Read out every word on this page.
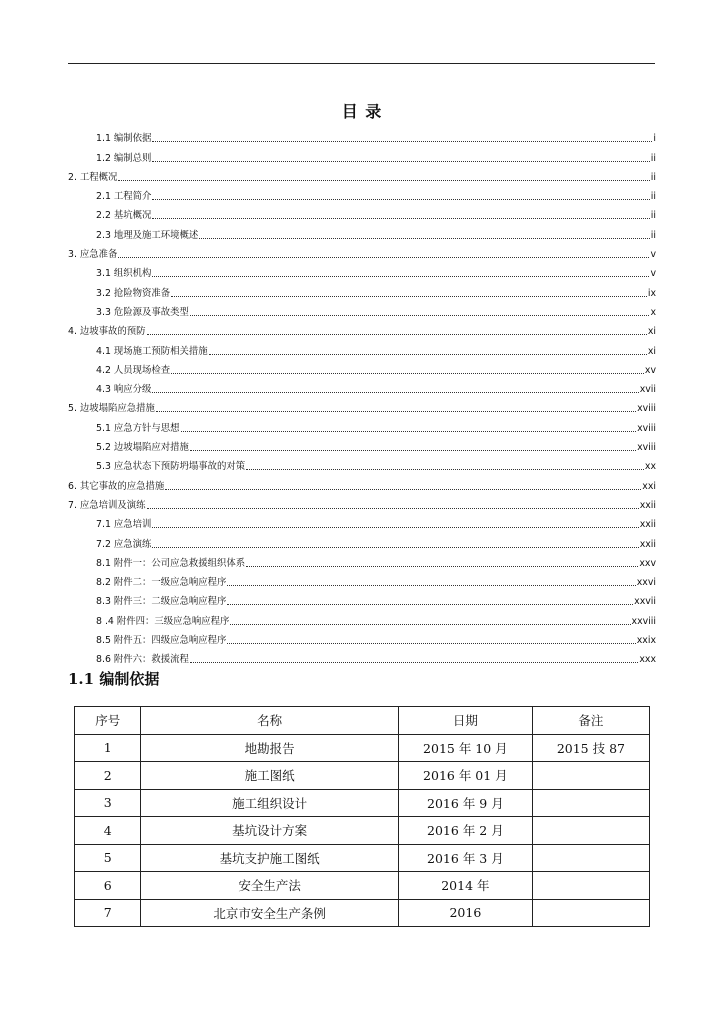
目 录
1.1 编制依据	i
1.2 编制总则	ii
2. 工程概况	ii
2.1 工程简介	ii
2.2 基坑概况	ii
2.3 地理及施工环境概述	ii
3. 应急准备	v
3.1 组织机构	v
3.2 抢险物资准备	ix
3.3 危险源及事故类型	x
4. 边坡事故的预防	xi
4.1 现场施工预防相关措施	xi
4.2 人员现场检查	xv
4.3 响应分级	xvii
5. 边坡塌陷应急措施	xviii
5.1 应急方针与思想	xviii
5.2 边坡塌陷应对措施	xviii
5.3 应急状态下预防坍塌事故的对策	xx
6. 其它事故的应急措施	xxi
7. 应急培训及演练	xxii
7.1 应急培训	xxii
7.2 应急演练	xxii
8.1 附件一：公司应急救援组织体系	xxv
8.2 附件二：一级应急响应程序	xxvi
8.3 附件三：二级应急响应程序	xxvii
8 .4 附件四：三级应急响应程序	xxviii
8.5 附件五：四级应急响应程序	xxix
8.6 附件六：救援流程	xxx
1.1 编制依据
序号	名称	日期	备注
1	地勘报告	2015 年 10 月	2015 技 87
2	施工图纸	2016 年 01 月	
3	施工组织设计	2016 年 9 月	
4	基坑设计方案	2016 年 2 月	
5	基坑支护施工图纸	2016 年 3 月	
6	安全生产法	2014 年	
7	北京市安全生产条例	2016	
